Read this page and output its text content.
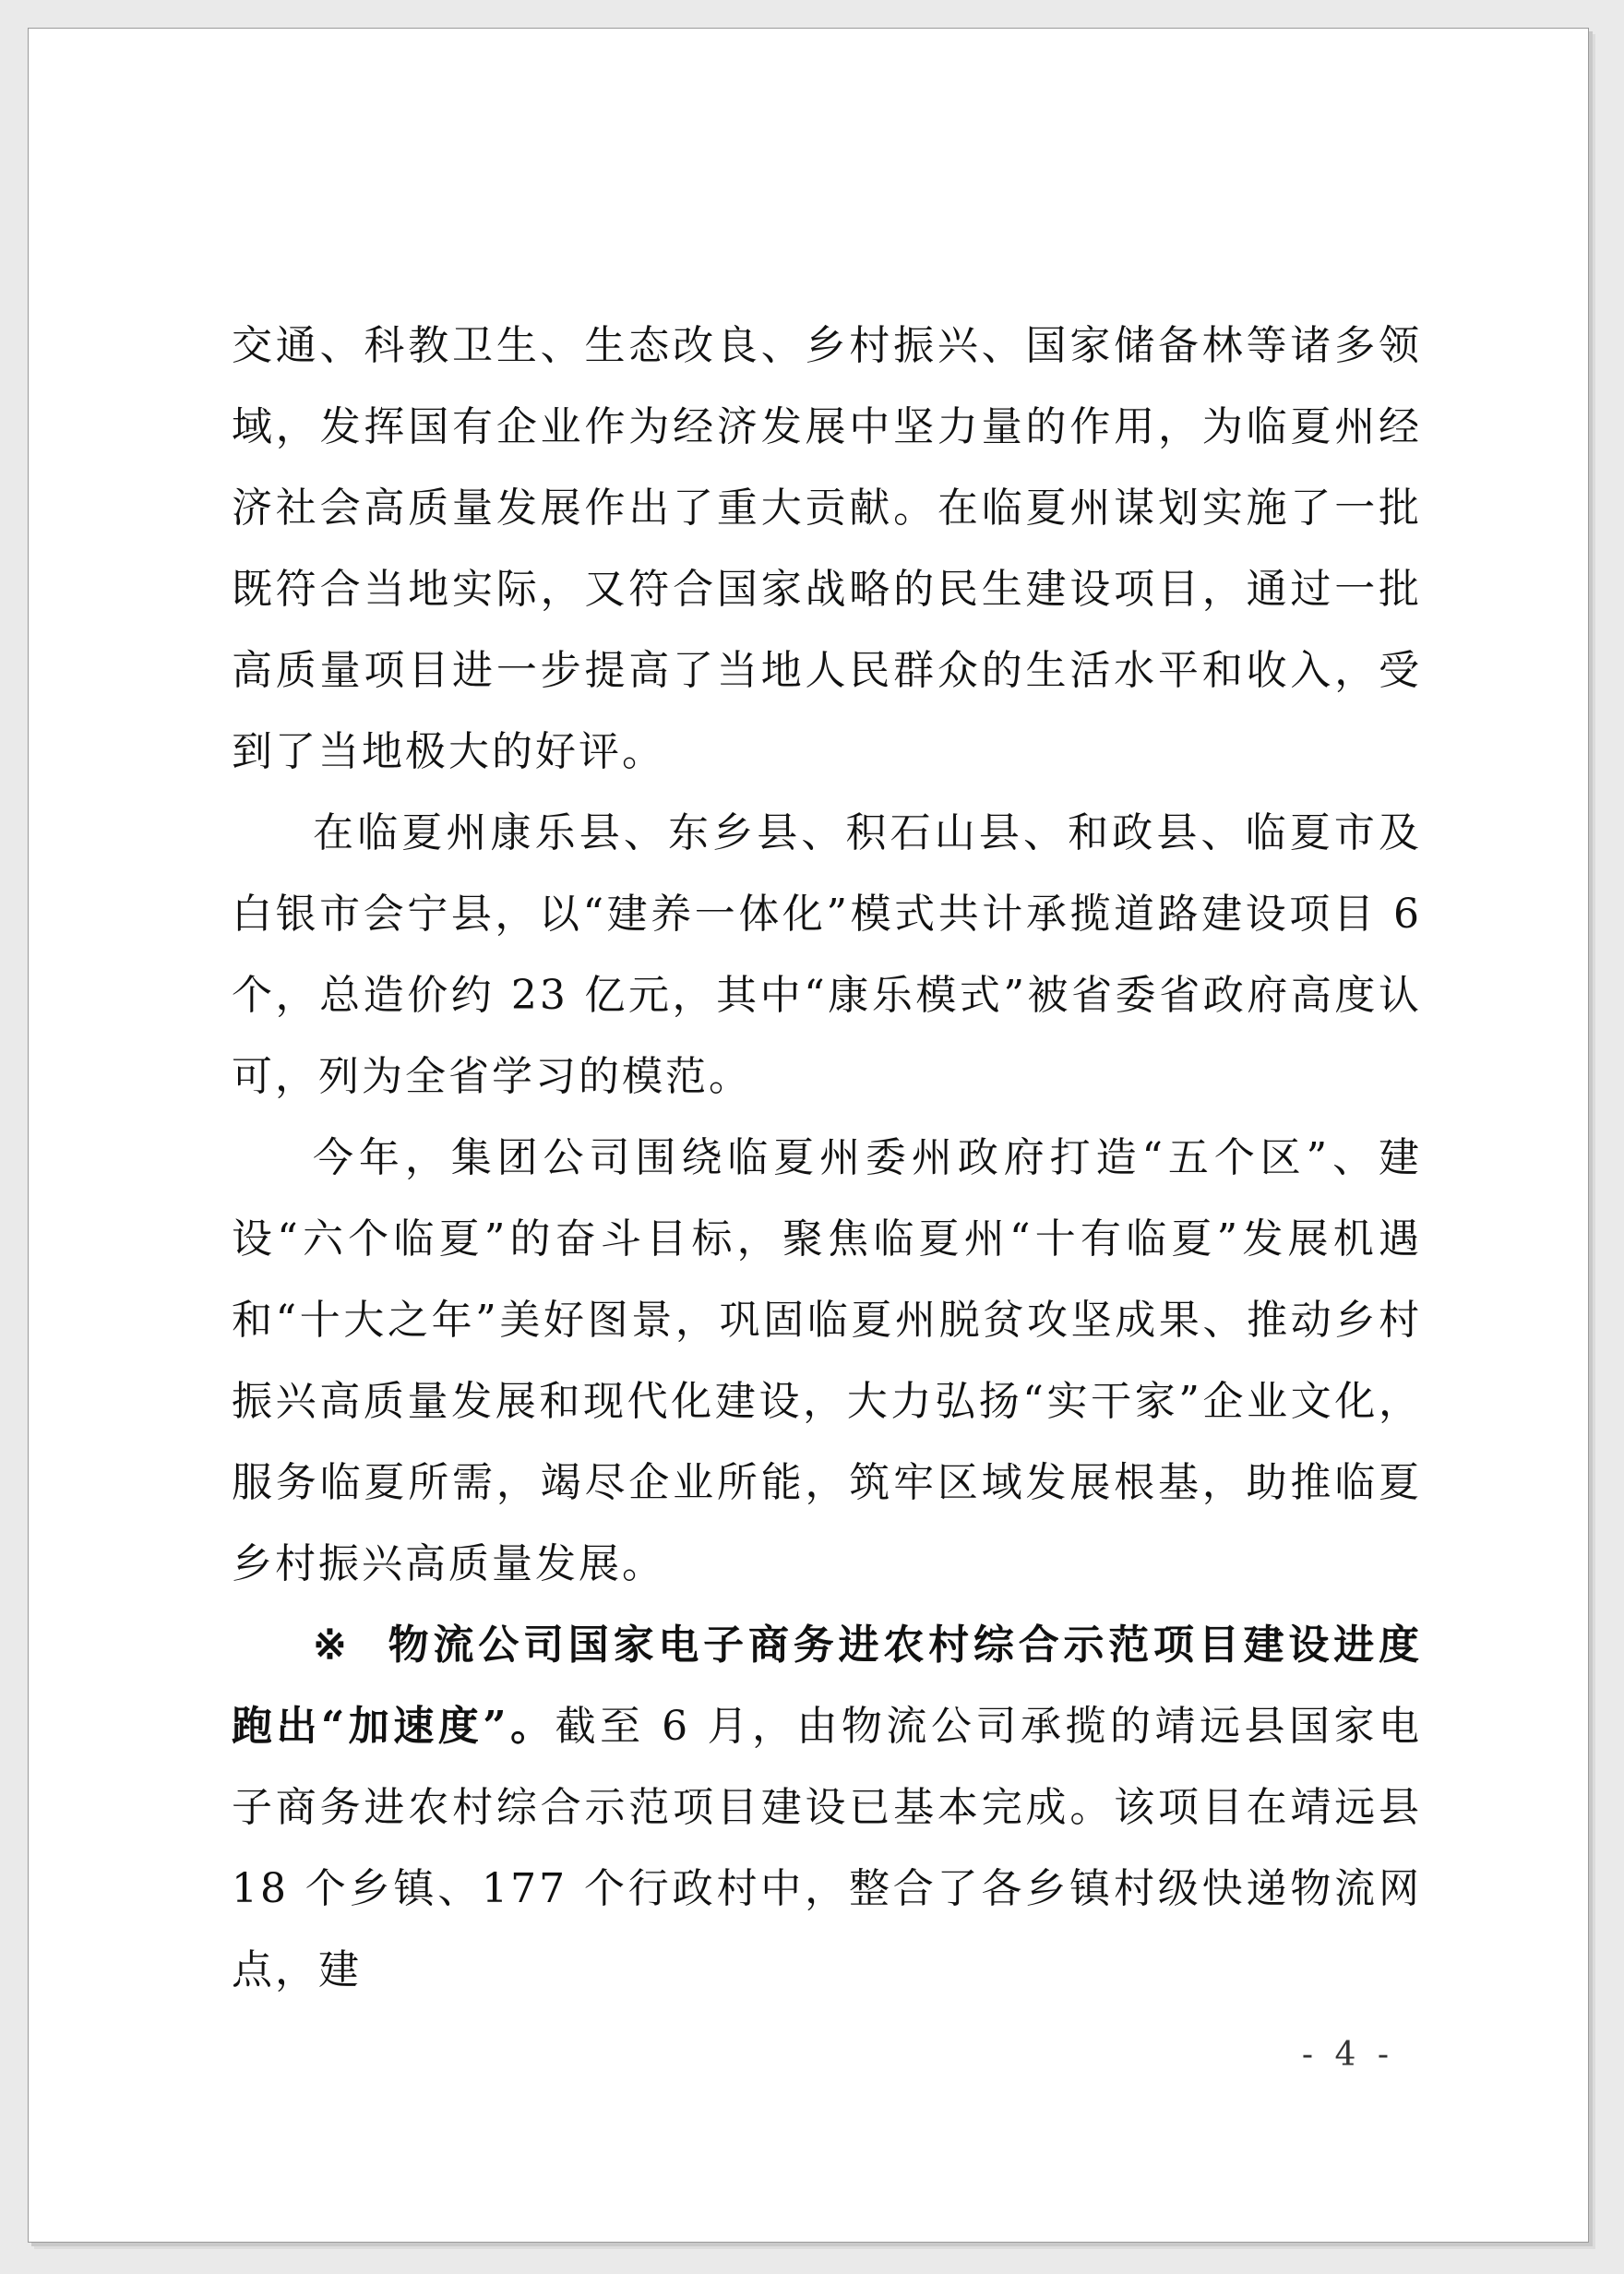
交通、科教卫生、生态改良、乡村振兴、国家储备林等诸多领域，发挥国有企业作为经济发展中坚力量的作用，为临夏州经济社会高质量发展作出了重大贡献。在临夏州谋划实施了一批既符合当地实际，又符合国家战略的民生建设项目，通过一批高质量项目进一步提高了当地人民群众的生活水平和收入，受到了当地极大的好评。

在临夏州康乐县、东乡县、积石山县、和政县、临夏市及白银市会宁县，以“建养一体化”模式共计承揽道路建设项目 6 个，总造价约 23 亿元，其中“康乐模式”被省委省政府高度认可，列为全省学习的模范。

今年，集团公司围绕临夏州委州政府打造“五个区”、建设“六个临夏”的奋斗目标，聚焦临夏州“十有临夏”发展机遇和“十大之年”美好图景，巩固临夏州脱贫攻坚成果、推动乡村振兴高质量发展和现代化建设，大力弘扬“实干家”企业文化，服务临夏所需，竭尽企业所能，筑牢区域发展根基，助推临夏乡村振兴高质量发展。

※ 物流公司国家电子商务进农村综合示范项目建设进度跑出“加速度”。截至 6 月，由物流公司承揽的靖远县国家电子商务进农村综合示范项目建设已基本完成。该项目在靖远县 18 个乡镇、177 个行政村中，整合了各乡镇村级快递物流网点，建

- 4 -
